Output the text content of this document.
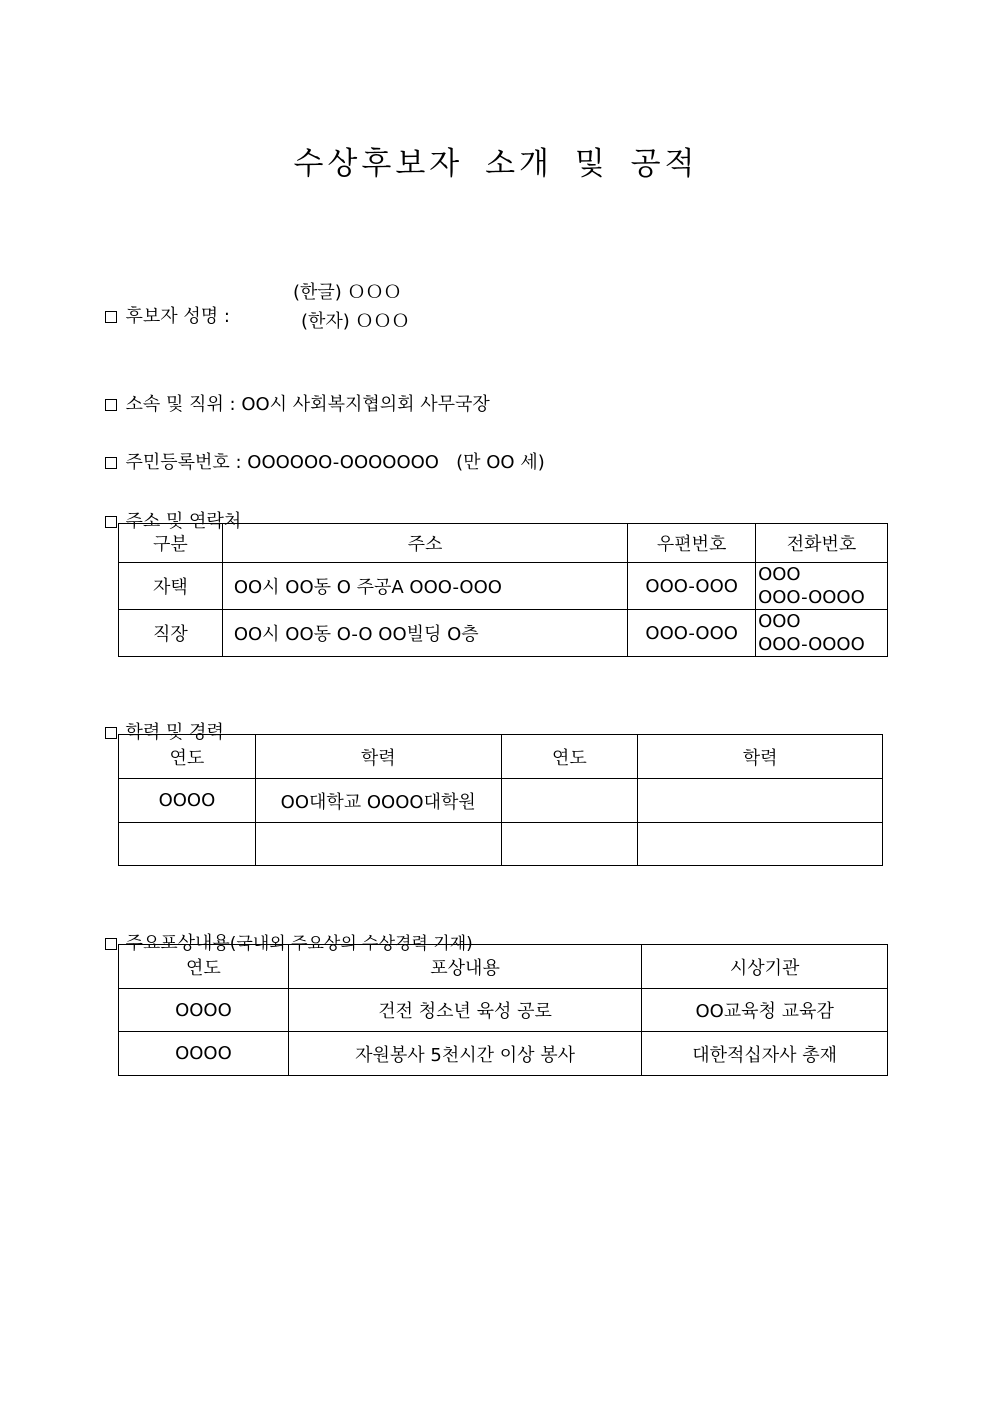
수상후보자 소개 및 공적

후보자 성명 :

(한글) ＯＯＯ
(한자) ＯＯＯ

소속 및 직위 : OO시 사회복지협의회 사무국장

주민등록번호 : OOOOOO-OOOOOOO   (만 OO 세)

주소 및 연락처

구분	주소	우편번호	전화번호
자택	OO시 OO동 O 주공A OOO-OOO	OOO-OOO	OOO
OOO-OOOO

직장	OO시 OO동 O-O OO빌딩 O층	OOO-OOO	OOO
OOO-OOOO

학력 및 경력

연도	학력	연도	학력
OOOO	OO대학교 OOOO대학원		

주요포상내용(국내외 주요상의 수상경력 기재)

연도	포상내용	시상기관
OOOO	건전 청소년 육성 공로	OO교육청 교육감
OOOO	자원봉사 5천시간 이상 봉사	대한적십자사 총재
